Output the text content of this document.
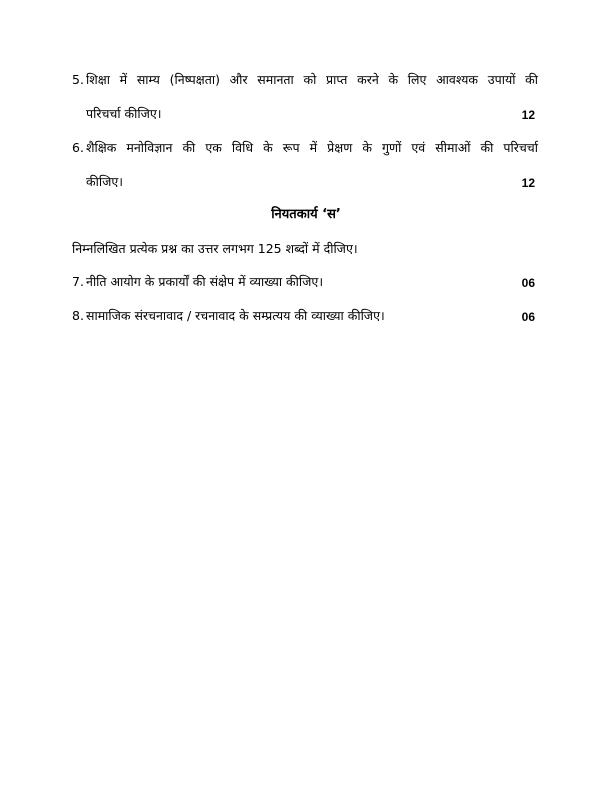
5. शिक्षा में साम्य (निष्पक्षता) और समानता को प्राप्त करने के लिए आवश्यक उपायों की
परिचर्चा कीजिए।	12
6. शैक्षिक मनोविज्ञान की एक विधि के रूप में प्रेक्षण के गुणों एवं सीमाओं की परिचर्चा
कीजिए।	12
नियतकार्य ‘स’
निम्नलिखित प्रत्येक प्रश्न का उत्तर लगभग 125 शब्दों में दीजिए।
7. नीति आयोग के प्रकार्यों की संक्षेप में व्याख्या कीजिए।	06
8. सामाजिक संरचनावाद / रचनावाद के सम्प्रत्यय की व्याख्या कीजिए।	06
